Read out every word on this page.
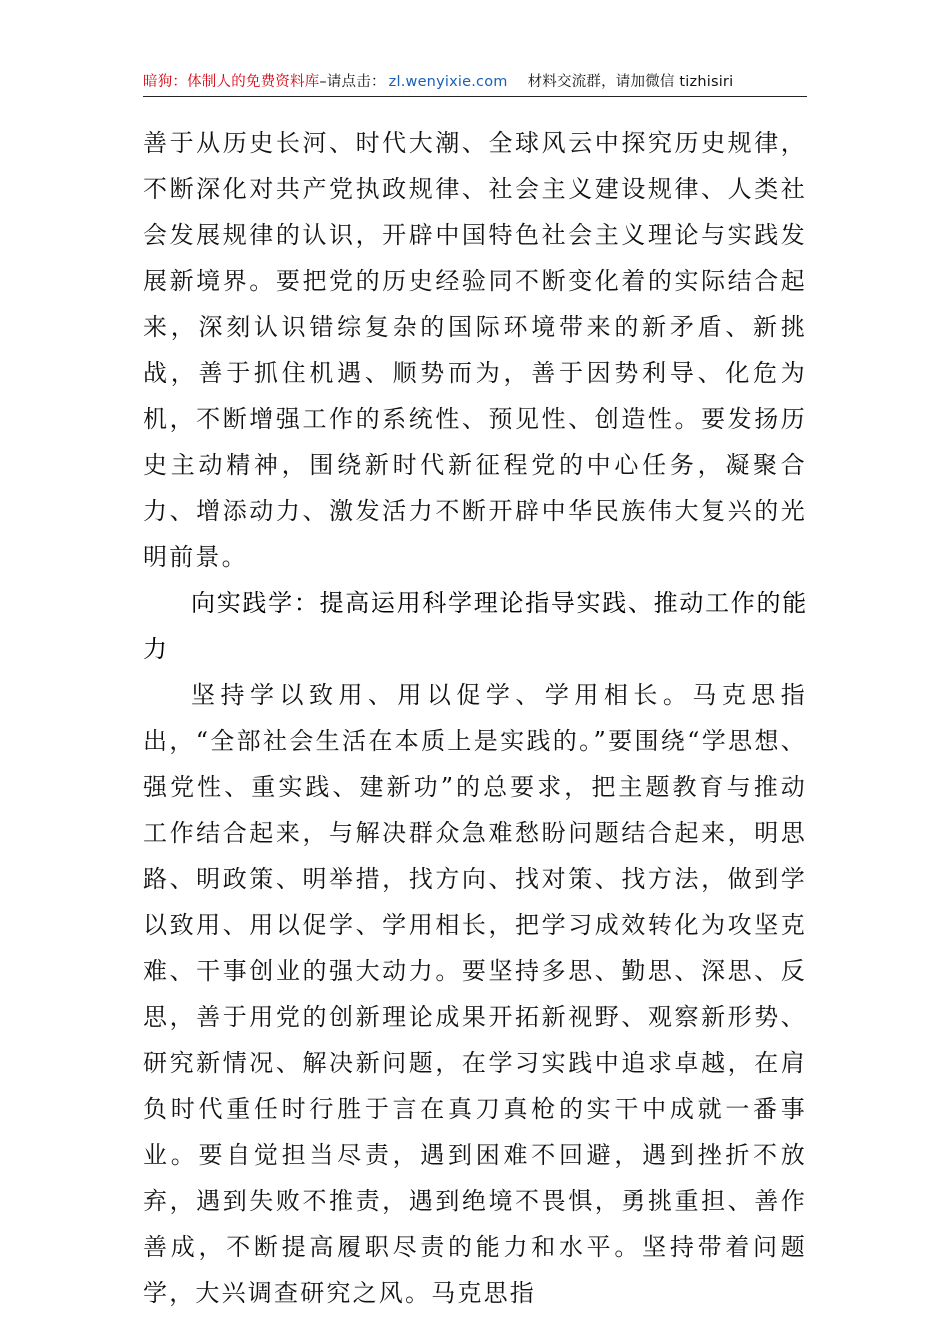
暗狗：体制人的免费资料库–请点击： zl.wenyixie.com 材料交流群，请加微信 tizhisiri

善于从历史长河、时代大潮、全球风云中探究历史规律，不断深化对共产党执政规律、社会主义建设规律、人类社会发展规律的认识，开辟中国特色社会主义理论与实践发展新境界。要把党的历史经验同不断变化着的实际结合起来，深刻认识错综复杂的国际环境带来的新矛盾、新挑战，善于抓住机遇、顺势而为，善于因势利导、化危为机，不断增强工作的系统性、预见性、创造性。要发扬历史主动精神，围绕新时代新征程党的中心任务，凝聚合力、增添动力、激发活力不断开辟中华民族伟大复兴的光明前景。

向实践学：提高运用科学理论指导实践、推动工作的能力

坚持学以致用、用以促学、学用相长。马克思指出，“全部社会生活在本质上是实践的。”要围绕“学思想、强党性、重实践、建新功”的总要求，把主题教育与推动工作结合起来，与解决群众急难愁盼问题结合起来，明思路、明政策、明举措，找方向、找对策、找方法，做到学以致用、用以促学、学用相长，把学习成效转化为攻坚克难、干事创业的强大动力。要坚持多思、勤思、深思、反思，善于用党的创新理论成果开拓新视野、观察新形势、研究新情况、解决新问题，在学习实践中追求卓越，在肩负时代重任时行胜于言在真刀真枪的实干中成就一番事业。要自觉担当尽责，遇到困难不回避，遇到挫折不放弃，遇到失败不推责，遇到绝境不畏惧，勇挑重担、善作善成，不断提高履职尽责的能力和水平。坚持带着问题学，大兴调查研究之风。马克思指
